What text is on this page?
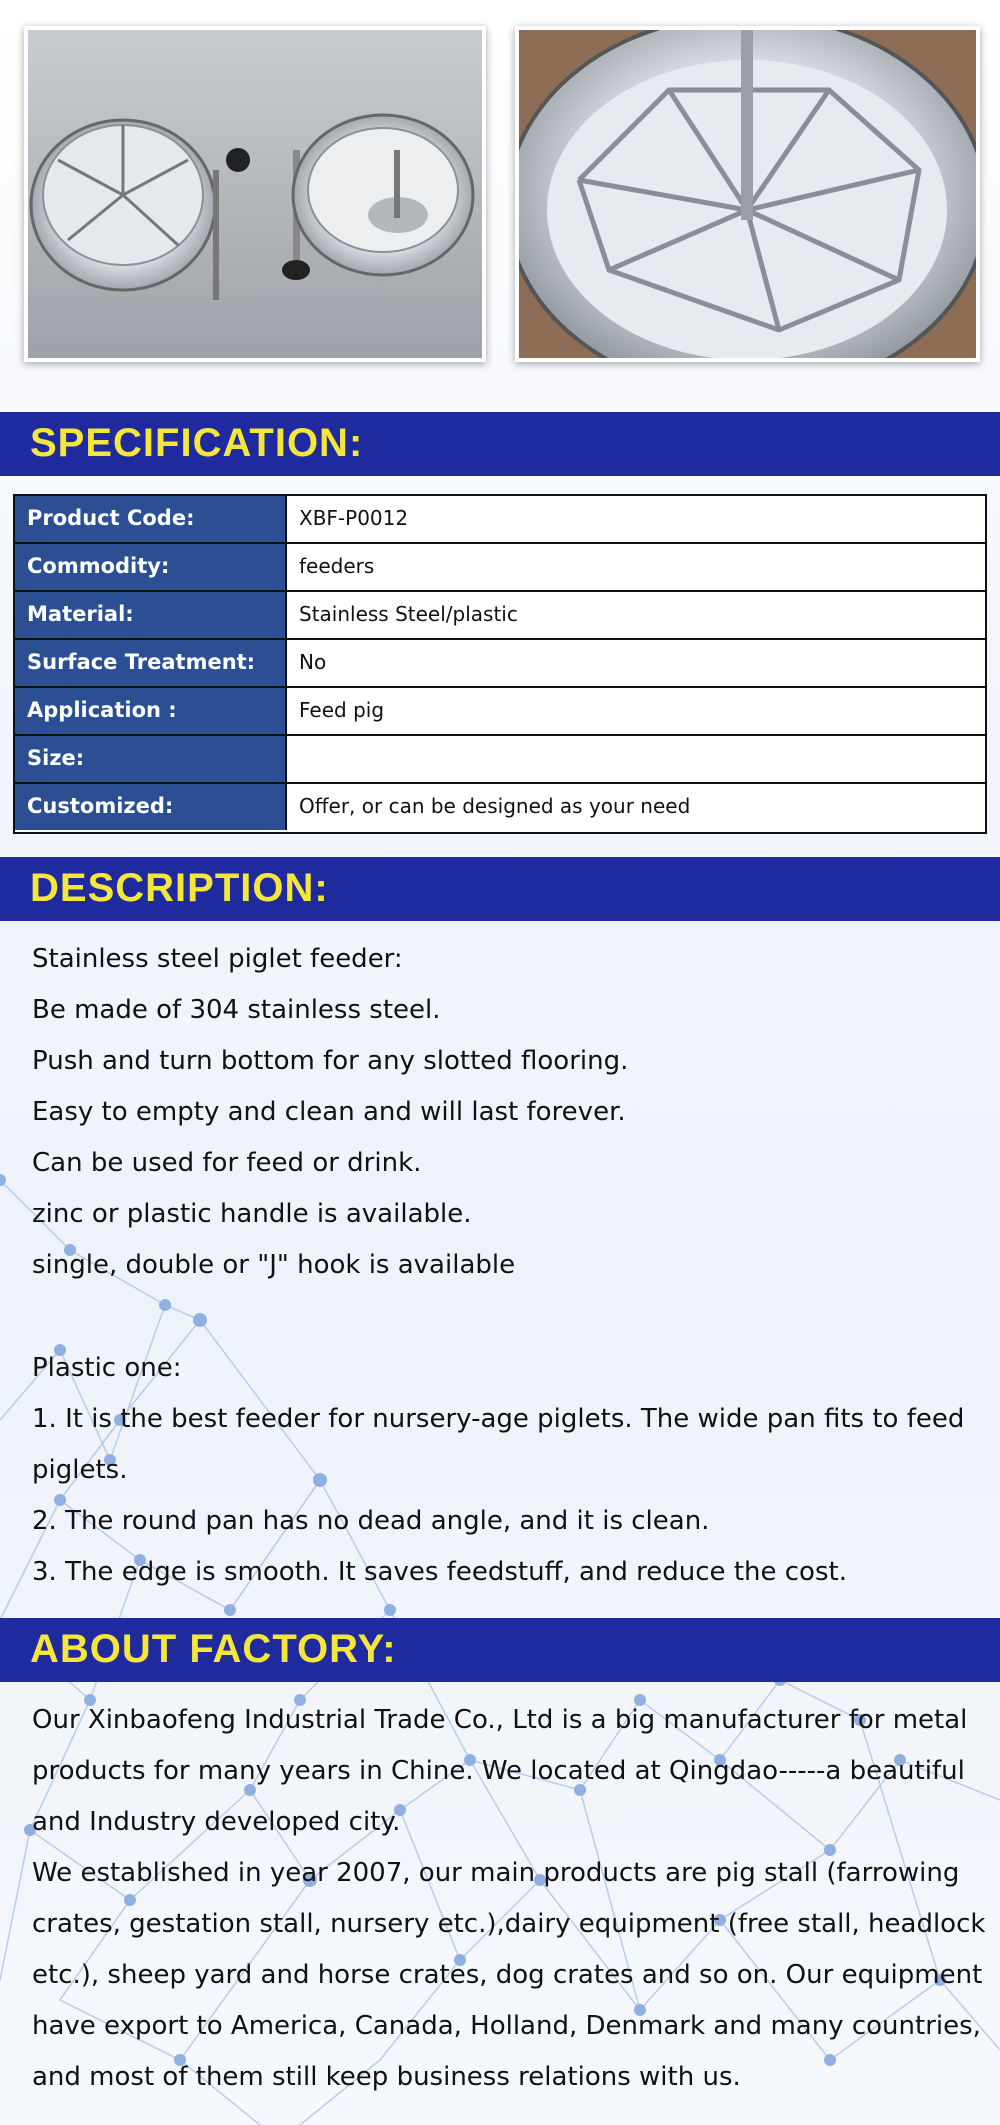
SPECIFICATION:
Product Code:	XBF-P0012
Commodity:	feeders
Material:	Stainless Steel/plastic
Surface Treatment:	No
Application :	Feed pig
Size:
Customized:	Offer, or can be designed as your need
DESCRIPTION:
Stainless steel piglet feeder:
Be made of 304 stainless steel.
Push and turn bottom for any slotted flooring.
Easy to empty and clean and will last forever.
Can be used for feed or drink.
zinc or plastic handle is available.
single, double or "J" hook is available
Plastic one:
1. It is the best feeder for nursery-age piglets. The wide pan fits to feed
piglets.
2. The round pan has no dead angle, and it is clean.
3. The edge is smooth. It saves feedstuff, and reduce the cost.
ABOUT FACTORY:
Our Xinbaofeng Industrial Trade Co., Ltd is a big manufacturer for metal
products for many years in Chine. We located at Qingdao-----a beautiful
and Industry developed city.
We established in year 2007, our main products are pig stall (farrowing
crates, gestation stall, nursery etc.),dairy equipment (free stall, headlock
etc.), sheep yard and horse crates, dog crates and so on. Our equipment
have export to America, Canada, Holland, Denmark and many countries,
and most of them still keep business relations with us.
